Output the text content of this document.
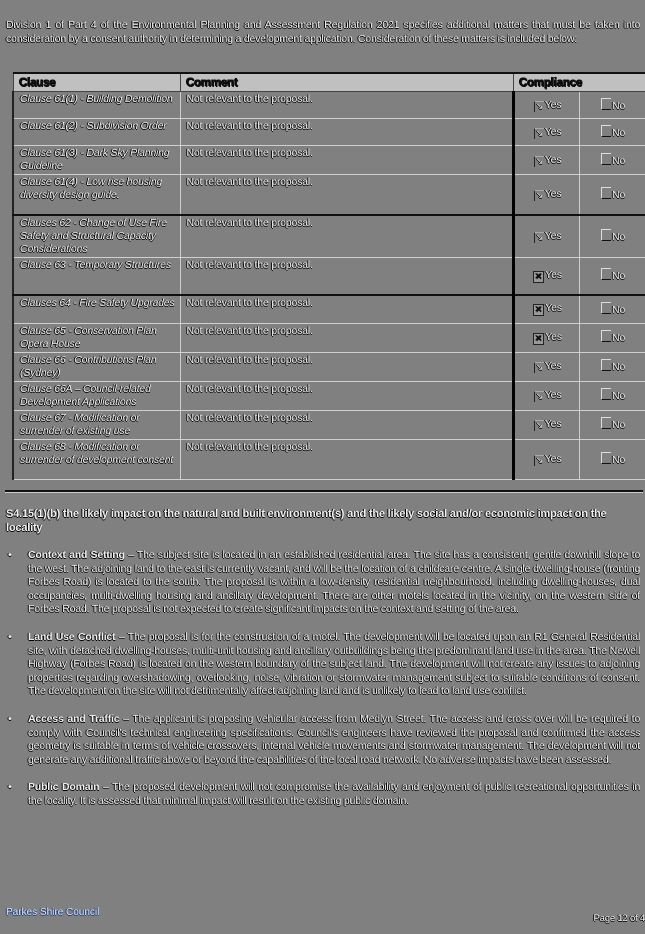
Division 1 of Part 4 of the Environmental Planning and Assessment Regulation 2021 specifies additional matters that must be taken into consideration by a consent authority in determining a development application. Consideration of these matters is included below:
Clause	Comment	Compliance	
Clause 61(1) - Building Demolition	Not relevant to the proposal.	↘ Yes	No
Clause 61(2) - Subdivision Order	Not relevant to the proposal.	↘ Yes	No
Clause 61(3) - Dark Sky Planning Guideline	Not relevant to the proposal.	↘ Yes	No
Clause 61(4) - Low rise housing diversity design guide.	Not relevant to the proposal.	↘ Yes	No
Clauses 62 - Change of Use Fire Safety and Structural Capacity Considerations	Not relevant to the proposal.	↘ Yes	No
Clause 63 - Temporary Structures	Not relevant to the proposal.	✕ Yes	No
Clauses 64 - Fire Safety Upgrades	Not relevant to the proposal.	✕ Yes	No
Clause 65 - Conservation Plan Opera House	Not relevant to the proposal.	✕ Yes	No
Clause 66 - Contributions Plan (Sydney)	Not relevant to the proposal.	↘ Yes	No
Clause 66A – Council-related Development Applications	Not relevant to the proposal.	↘ Yes	No
Clause 67 - Modification or surrender of existing use	Not relevant to the proposal.	↘ Yes	No
Clause 68 - Modification or surrender of development consent	Not relevant to the proposal.	↘ Yes	No
S4.15(1)(b) the likely impact on the natural and built environment(s) and the likely social and/or economic impact on the locality
• Context and Setting – The subject site is located in an established residential area. The site has a consistent, gentle downhill slope to the west. The adjoining land to the east is currently vacant, and will be the location of a childcare centre. A single dwelling-house (fronting Forbes Road) is located to the south. The proposal is within a low-density residential neighbourhood, including dwelling-houses, dual occupancies, multi-dwelling housing and ancillary development. There are other motels located in the vicinity, on the western side of Forbes Road. The proposal is not expected to create significant impacts on the context and setting of the area.
• Land Use Conflict – The proposal is for the construction of a motel. The development will be located upon an R1 General Residential site, with detached dwelling-houses, multi-unit housing and ancillary outbuildings being the predominant land use in the area. The Newell Highway (Forbes Road) is located on the western boundary of the subject land. The development will not create any issues to adjoining properties regarding overshadowing, overlooking, noise, vibration or stormwater management subject to suitable conditions of consent. The development on the site will not detrimentally affect adjoining land and is unlikely to lead to land use conflict.
• Access and Traffic – The applicant is proposing vehicular access from Medlyn Street. The access and cross over will be required to comply with Council's technical engineering specifications. Council's engineers have reviewed the proposal and confirmed the access geometry is suitable in terms of vehicle crossovers, internal vehicle movements and stormwater management. The development will not generate any additional traffic above or beyond the capabilities of the local road network. No adverse impacts have been assessed.
• Public Domain – The proposed development will not compromise the availability and enjoyment of public recreational opportunities in the locality. It is assessed that minimal impact will result on the existing public domain.
Parkes Shire Council
Page 12 of 4
